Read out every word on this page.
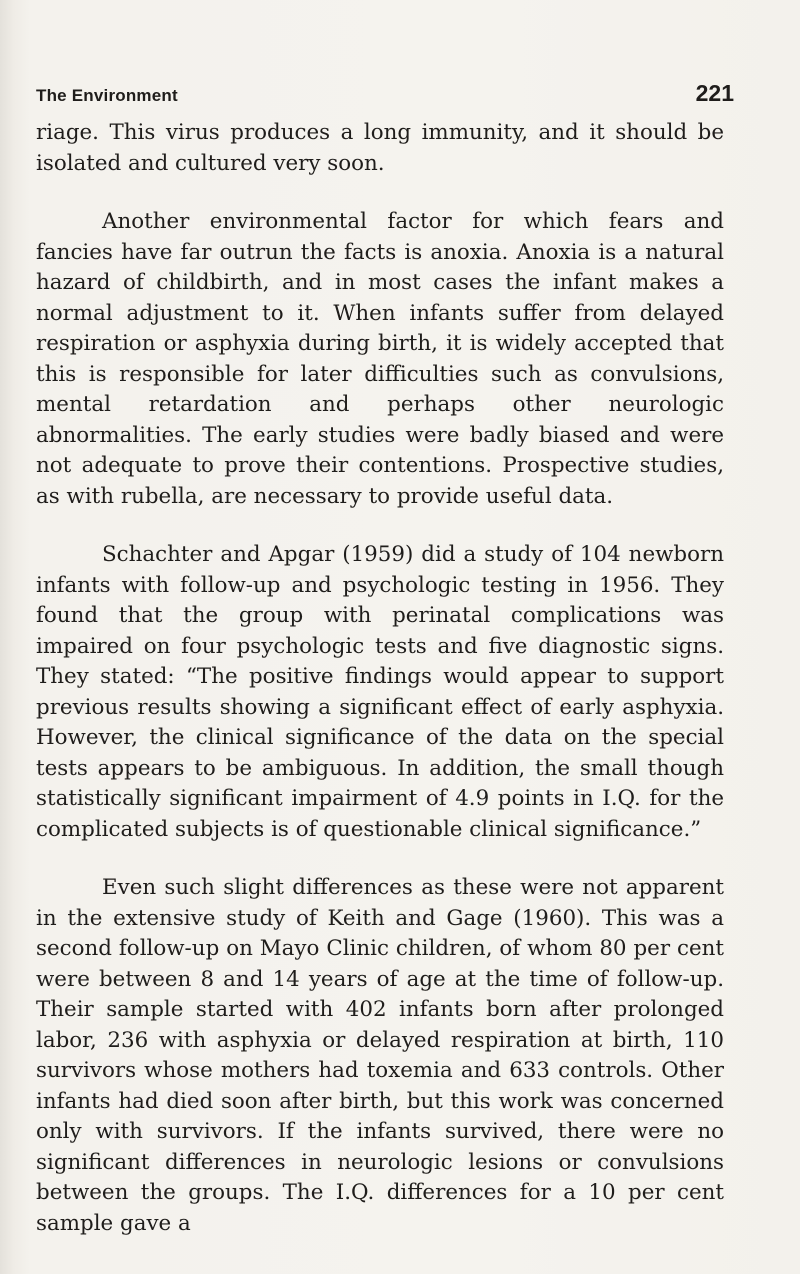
The Environment	221

riage. This virus produces a long immunity, and it should be isolated and cultured very soon.

Another environmental factor for which fears and fancies have far outrun the facts is anoxia. Anoxia is a natural hazard of childbirth, and in most cases the infant makes a normal adjustment to it. When infants suffer from delayed respiration or asphyxia during birth, it is widely accepted that this is responsible for later difficulties such as convulsions, mental retardation and perhaps other neurologic abnormalities. The early studies were badly biased and were not adequate to prove their contentions. Prospective studies, as with rubella, are necessary to provide useful data.

Schachter and Apgar (1959) did a study of 104 newborn infants with follow-up and psychologic testing in 1956. They found that the group with perinatal complications was impaired on four psychologic tests and five diagnostic signs. They stated: “The positive findings would appear to support previous results showing a significant effect of early asphyxia. However, the clinical significance of the data on the special tests appears to be ambiguous. In addition, the small though statistically significant impairment of 4.9 points in I.Q. for the complicated subjects is of questionable clinical significance.”

Even such slight differences as these were not apparent in the extensive study of Keith and Gage (1960). This was a second follow-up on Mayo Clinic children, of whom 80 per cent were between 8 and 14 years of age at the time of follow-up. Their sample started with 402 infants born after prolonged labor, 236 with asphyxia or delayed respiration at birth, 110 survivors whose mothers had toxemia and 633 controls. Other infants had died soon after birth, but this work was concerned only with survivors. If the infants survived, there were no significant differences in neurologic lesions or convulsions between the groups. The I.Q. differences for a 10 per cent sample gave a
